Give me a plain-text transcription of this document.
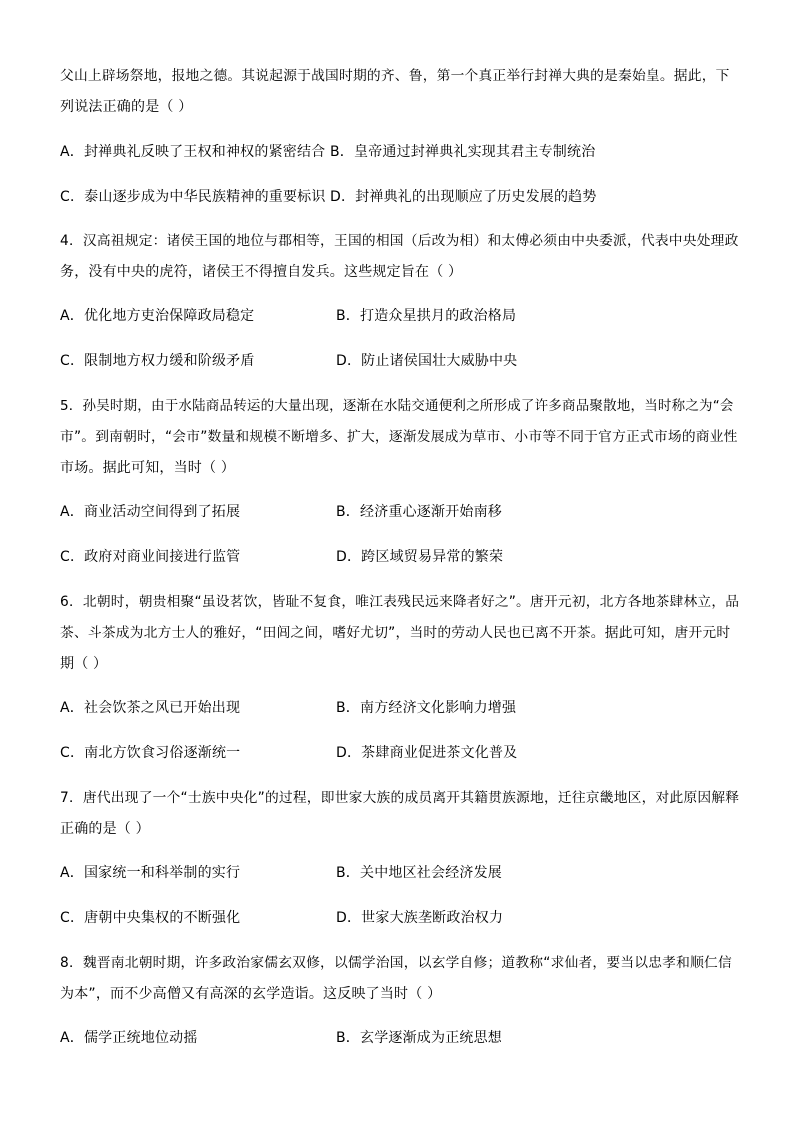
父山上辟场祭地，报地之德。其说起源于战国时期的齐、鲁，第一个真正举行封禅大典的是秦始皇。据此，下
列说法正确的是（ ）
A．封禅典礼反映了王权和神权的紧密结合 B．皇帝通过封禅典礼实现其君主专制统治
C．泰山逐步成为中华民族精神的重要标识 D．封禅典礼的出现顺应了历史发展的趋势
4．汉高祖规定：诸侯王国的地位与郡相等，王国的相国（后改为相）和太傅必须由中央委派，代表中央处理政
务，没有中央的虎符，诸侯王不得擅自发兵。这些规定旨在（ ）
A．优化地方吏治保障政局稳定	B．打造众星拱月的政治格局
C．限制地方权力缓和阶级矛盾	D．防止诸侯国壮大威胁中央
5．孙吴时期，由于水陆商品转运的大量出现，逐渐在水陆交通便利之所形成了许多商品聚散地，当时称之为“会
市”。到南朝时，“会市”数量和规模不断增多、扩大，逐渐发展成为草市、小市等不同于官方正式市场的商业性
市场。据此可知，当时（ ）
A．商业活动空间得到了拓展	B．经济重心逐渐开始南移
C．政府对商业间接进行监管	D．跨区域贸易异常的繁荣
6．北朝时，朝贵相聚“虽设茗饮，皆耻不复食，唯江表残民远来降者好之”。唐开元初，北方各地茶肆林立，品
茶、斗茶成为北方士人的雅好，“田闾之间，嗜好尤切”，当时的劳动人民也已离不开茶。据此可知，唐开元时
期（ ）
A．社会饮茶之风已开始出现	B．南方经济文化影响力增强
C．南北方饮食习俗逐渐统一	D．茶肆商业促进茶文化普及
7．唐代出现了一个“士族中央化”的过程，即世家大族的成员离开其籍贯族源地，迁往京畿地区，对此原因解释
正确的是（ ）
A．国家统一和科举制的实行	B．关中地区社会经济发展
C．唐朝中央集权的不断强化	D．世家大族垄断政治权力
8．魏晋南北朝时期，许多政治家儒玄双修，以儒学治国，以玄学自修；道教称“求仙者，要当以忠孝和顺仁信
为本”，而不少高僧又有高深的玄学造诣。这反映了当时（ ）
A．儒学正统地位动摇	B．玄学逐渐成为正统思想
